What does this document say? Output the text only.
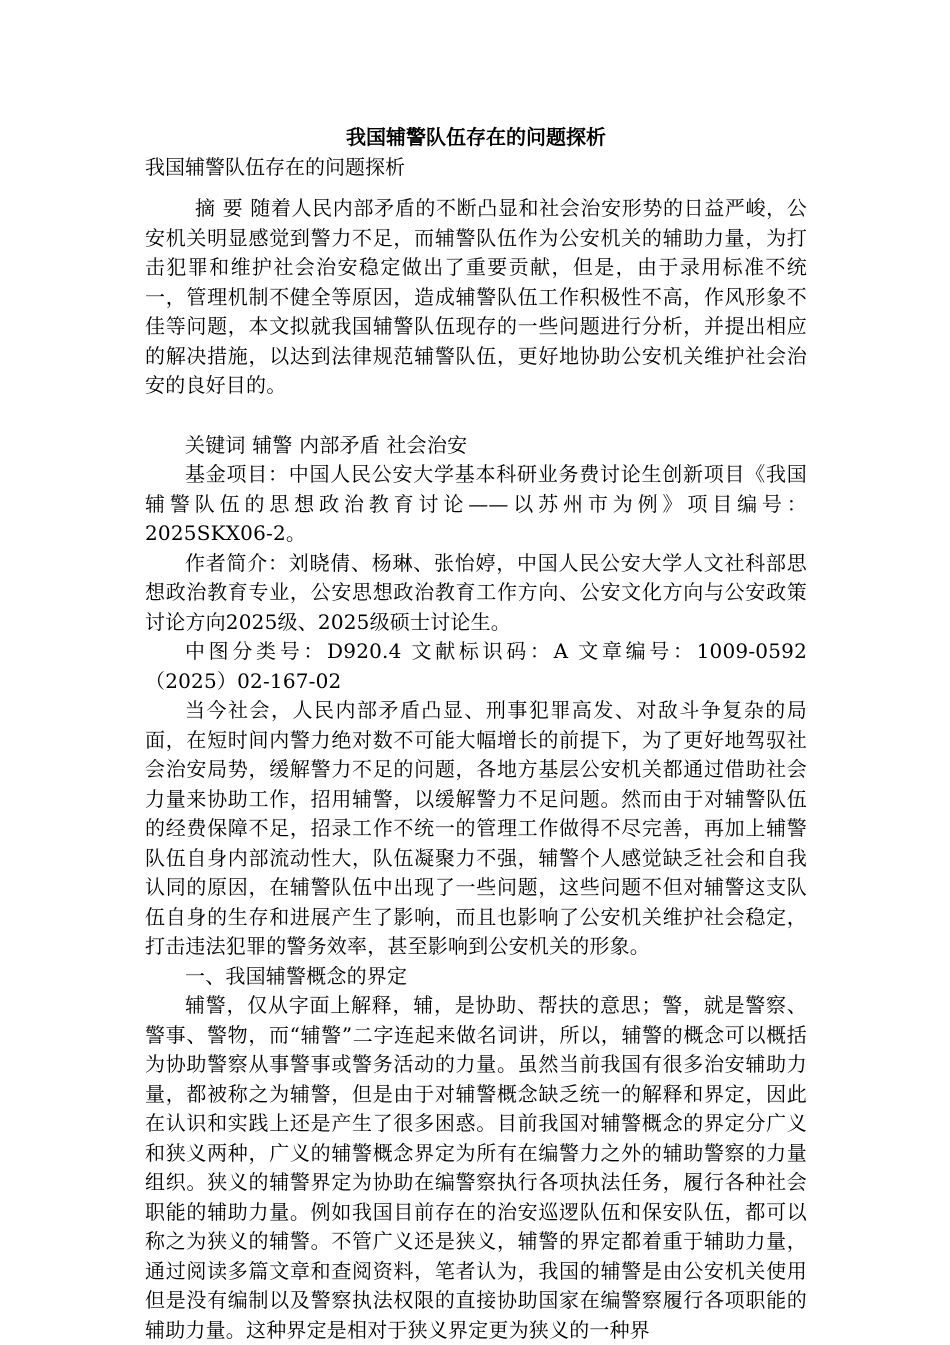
我国辅警队伍存在的问题探析

我国辅警队伍存在的问题探析

摘 要 随着人民内部矛盾的不断凸显和社会治安形势的日益严峻，公安机关明显感觉到警力不足，而辅警队伍作为公安机关的辅助力量，为打击犯罪和维护社会治安稳定做出了重要贡献，但是，由于录用标准不统一，管理机制不健全等原因，造成辅警队伍工作积极性不高，作风形象不佳等问题，本文拟就我国辅警队伍现存的一些问题进行分析，并提出相应的解决措施，以达到法律规范辅警队伍，更好地协助公安机关维护社会治安的良好目的。

关键词 辅警 内部矛盾 社会治安

基金项目：中国人民公安大学基本科研业务费讨论生创新项目《我国辅警队伍的思想政治教育讨论——以苏州市为例》项目编号：2025SKX06-2。

作者简介：刘晓倩、杨琳、张怡婷，中国人民公安大学人文社科部思想政治教育专业，公安思想政治教育工作方向、公安文化方向与公安政策讨论方向2025级、2025级硕士讨论生。

中图分类号：D920.4 文献标识码：A 文章编号：1009-0592（2025）02-167-02

当今社会，人民内部矛盾凸显、刑事犯罪高发、对敌斗争复杂的局面，在短时间内警力绝对数不可能大幅增长的前提下，为了更好地驾驭社会治安局势，缓解警力不足的问题，各地方基层公安机关都通过借助社会力量来协助工作，招用辅警，以缓解警力不足问题。然而由于对辅警队伍的经费保障不足，招录工作不统一的管理工作做得不尽完善，再加上辅警队伍自身内部流动性大，队伍凝聚力不强，辅警个人感觉缺乏社会和自我认同的原因，在辅警队伍中出现了一些问题，这些问题不但对辅警这支队伍自身的生存和进展产生了影响，而且也影响了公安机关维护社会稳定，打击违法犯罪的警务效率，甚至影响到公安机关的形象。

一、我国辅警概念的界定

辅警，仅从字面上解释，辅，是协助、帮扶的意思；警，就是警察、警事、警物，而“辅警”二字连起来做名词讲，所以，辅警的概念可以概括为协助警察从事警事或警务活动的力量。虽然当前我国有很多治安辅助力量，都被称之为辅警，但是由于对辅警概念缺乏统一的解释和界定，因此在认识和实践上还是产生了很多困惑。目前我国对辅警概念的界定分广义和狭义两种，广义的辅警概念界定为所有在编警力之外的辅助警察的力量组织。狭义的辅警界定为协助在编警察执行各项执法任务，履行各种社会职能的辅助力量。例如我国目前存在的治安巡逻队伍和保安队伍，都可以称之为狭义的辅警。不管广义还是狭义，辅警的界定都着重于辅助力量，通过阅读多篇文章和查阅资料，笔者认为，我国的辅警是由公安机关使用但是没有编制以及警察执法权限的直接协助国家在编警察履行各项职能的辅助力量。这种界定是相对于狭义界定更为狭义的一种界
